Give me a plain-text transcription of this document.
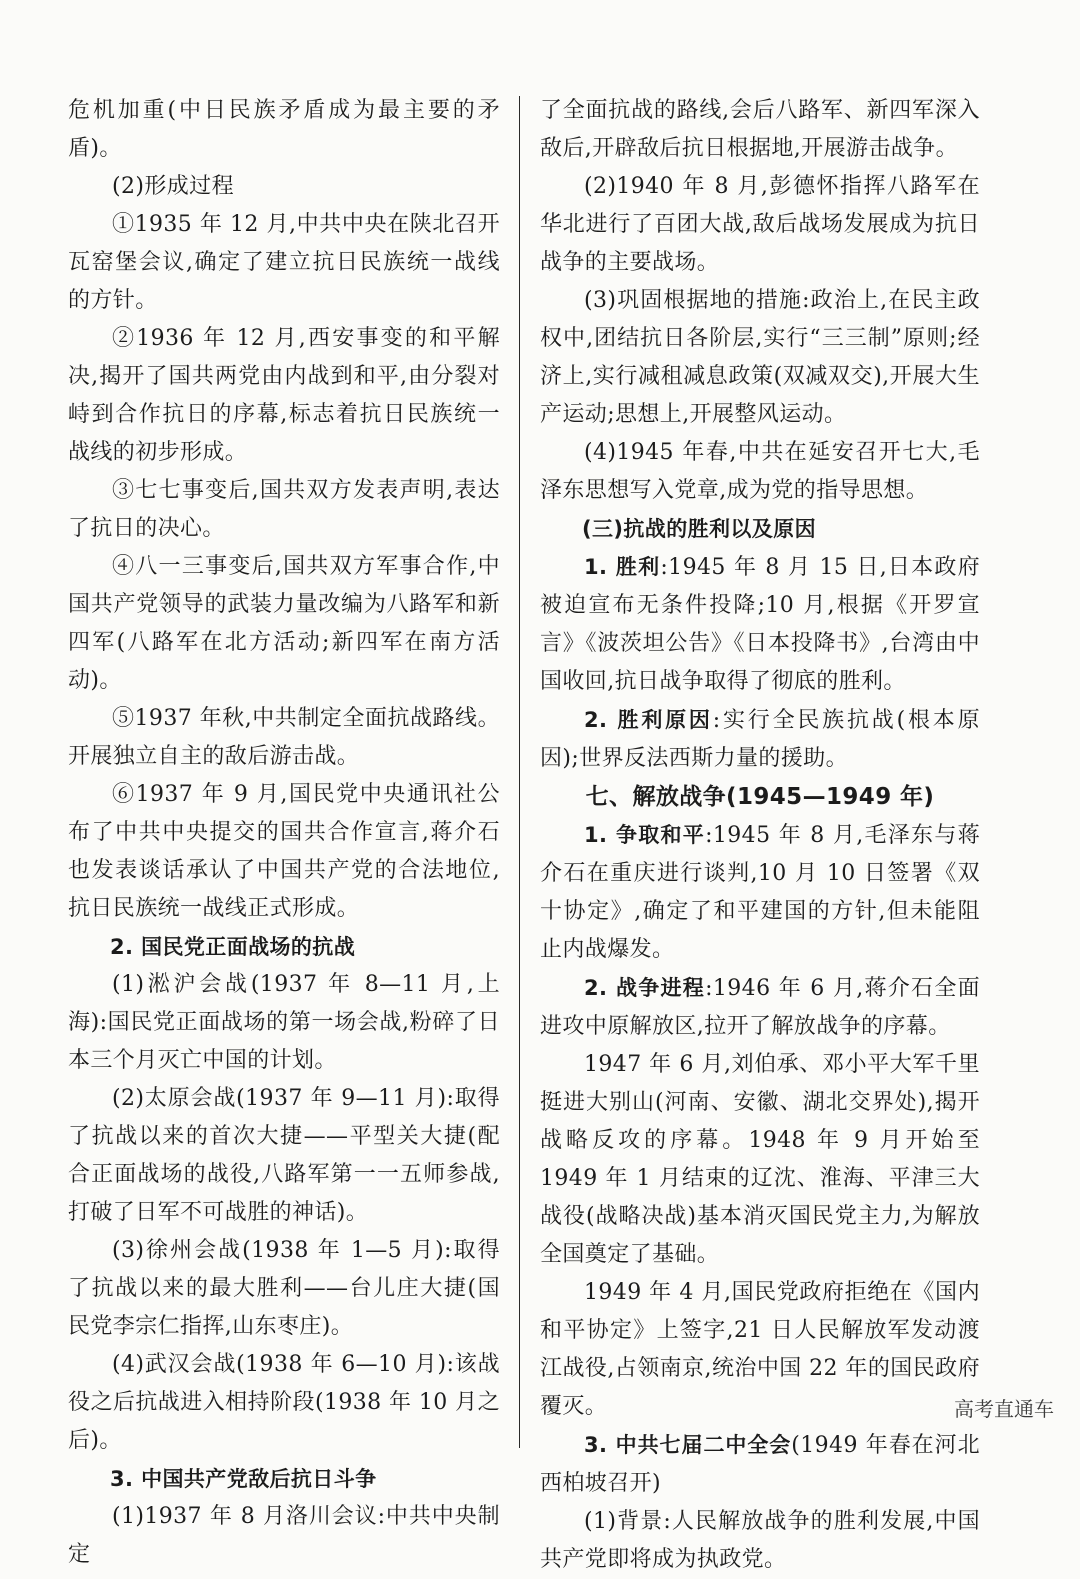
危机加重(中日民族矛盾成为最主要的矛盾)。

(2)形成过程

①1935 年 12 月,中共中央在陕北召开瓦窑堡会议,确定了建立抗日民族统一战线的方针。

②1936 年 12 月,西安事变的和平解决,揭开了国共两党由内战到和平,由分裂对峙到合作抗日的序幕,标志着抗日民族统一战线的初步形成。

③七七事变后,国共双方发表声明,表达了抗日的决心。

④八一三事变后,国共双方军事合作,中国共产党领导的武装力量改编为八路军和新四军(八路军在北方活动;新四军在南方活动)。

⑤1937 年秋,中共制定全面抗战路线。开展独立自主的敌后游击战。

⑥1937 年 9 月,国民党中央通讯社公布了中共中央提交的国共合作宣言,蒋介石也发表谈话承认了中国共产党的合法地位,抗日民族统一战线正式形成。

2. 国民党正面战场的抗战

(1)淞沪会战(1937 年 8—11 月,上海):国民党正面战场的第一场会战,粉碎了日本三个月灭亡中国的计划。

(2)太原会战(1937 年 9—11 月):取得了抗战以来的首次大捷——平型关大捷(配合正面战场的战役,八路军第一一五师参战,打破了日军不可战胜的神话)。

(3)徐州会战(1938 年 1—5 月):取得了抗战以来的最大胜利——台儿庄大捷(国民党李宗仁指挥,山东枣庄)。

(4)武汉会战(1938 年 6—10 月):该战役之后抗战进入相持阶段(1938 年 10 月之后)。

3. 中国共产党敌后抗日斗争

(1)1937 年 8 月洛川会议:中共中央制定

了全面抗战的路线,会后八路军、新四军深入敌后,开辟敌后抗日根据地,开展游击战争。

(2)1940 年 8 月,彭德怀指挥八路军在华北进行了百团大战,敌后战场发展成为抗日战争的主要战场。

(3)巩固根据地的措施:政治上,在民主政权中,团结抗日各阶层,实行“三三制”原则;经济上,实行减租减息政策(双减双交),开展大生产运动;思想上,开展整风运动。

(4)1945 年春,中共在延安召开七大,毛泽东思想写入党章,成为党的指导思想。

(三)抗战的胜利以及原因

1. 胜利:1945 年 8 月 15 日,日本政府被迫宣布无条件投降;10 月,根据《开罗宣言》《波茨坦公告》《日本投降书》,台湾由中国收回,抗日战争取得了彻底的胜利。

2. 胜利原因:实行全民族抗战(根本原因);世界反法西斯力量的援助。

七、解放战争(1945—1949 年)

1. 争取和平:1945 年 8 月,毛泽东与蒋介石在重庆进行谈判,10 月 10 日签署《双十协定》,确定了和平建国的方针,但未能阻止内战爆发。

2. 战争进程:1946 年 6 月,蒋介石全面进攻中原解放区,拉开了解放战争的序幕。

1947 年 6 月,刘伯承、邓小平大军千里挺进大别山(河南、安徽、湖北交界处),揭开战略反攻的序幕。1948 年 9 月开始至 1949 年 1 月结束的辽沈、淮海、平津三大战役(战略决战)基本消灭国民党主力,为解放全国奠定了基础。

1949 年 4 月,国民党政府拒绝在《国内和平协定》上签字,21 日人民解放军发动渡江战役,占领南京,统治中国 22 年的国民政府覆灭。

3. 中共七届二中全会(1949 年春在河北西柏坡召开)

(1)背景:人民解放战争的胜利发展,中国共产党即将成为执政党。

高考直通车
